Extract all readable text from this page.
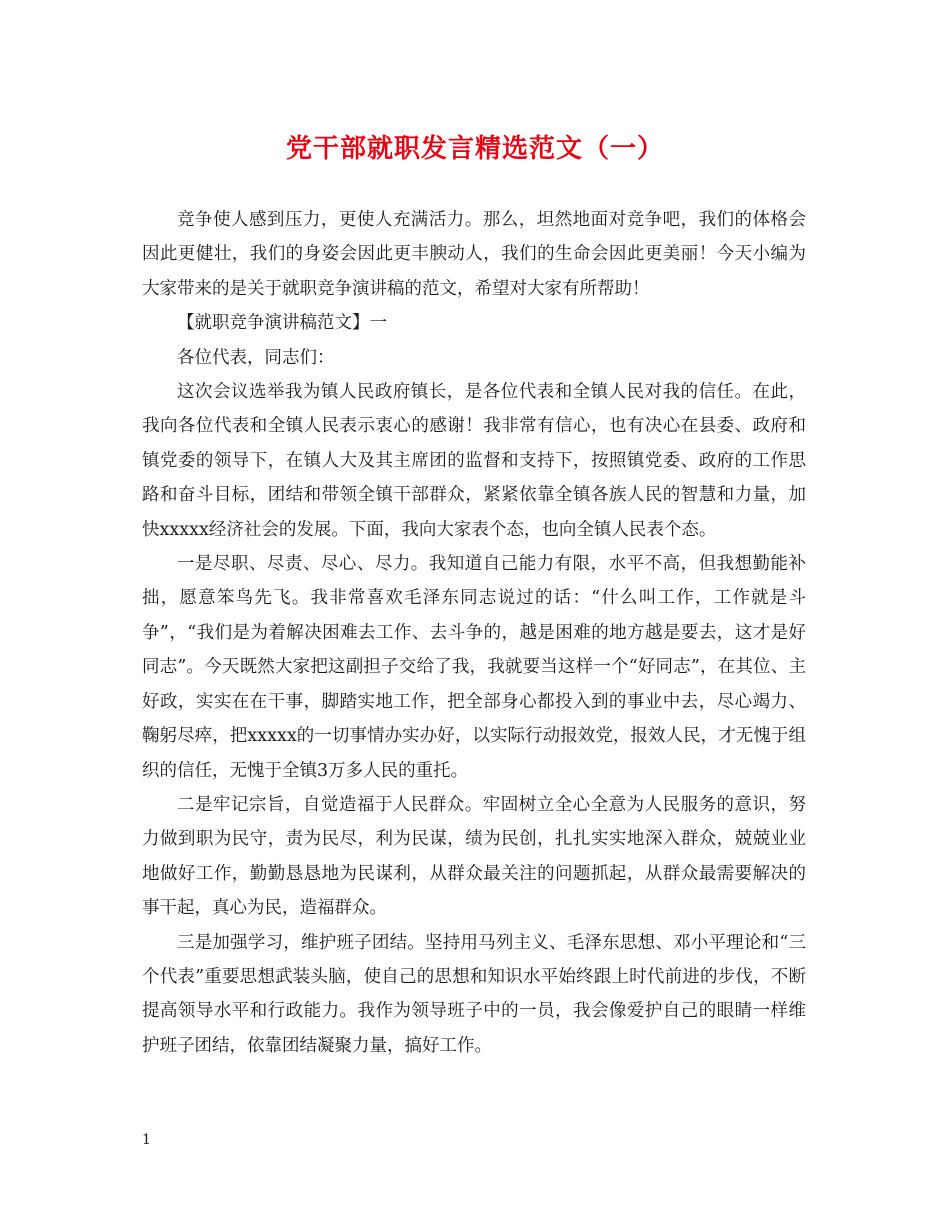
党干部就职发言精选范文（一）

竞争使人感到压力，更使人充满活力。那么，坦然地面对竞争吧，我们的体格会因此更健壮，我们的身姿会因此更丰腴动人，我们的生命会因此更美丽！今天小编为大家带来的是关于就职竞争演讲稿的范文，希望对大家有所帮助！

【就职竞争演讲稿范文】一

各位代表，同志们：

这次会议选举我为镇人民政府镇长，是各位代表和全镇人民对我的信任。在此，我向各位代表和全镇人民表示衷心的感谢！我非常有信心，也有决心在县委、政府和镇党委的领导下，在镇人大及其主席团的监督和支持下，按照镇党委、政府的工作思路和奋斗目标，团结和带领全镇干部群众，紧紧依靠全镇各族人民的智慧和力量，加快xxxxx经济社会的发展。下面，我向大家表个态，也向全镇人民表个态。

一是尽职、尽责、尽心、尽力。我知道自己能力有限，水平不高，但我想勤能补拙，愿意笨鸟先飞。我非常喜欢毛泽东同志说过的话：“什么叫工作，工作就是斗争”，“我们是为着解决困难去工作、去斗争的，越是困难的地方越是要去，这才是好同志”。今天既然大家把这副担子交给了我，我就要当这样一个“好同志”，在其位、主好政，实实在在干事，脚踏实地工作，把全部身心都投入到的事业中去，尽心竭力、鞠躬尽瘁，把xxxxx的一切事情办实办好，以实际行动报效党，报效人民，才无愧于组织的信任，无愧于全镇3万多人民的重托。

二是牢记宗旨，自觉造福于人民群众。牢固树立全心全意为人民服务的意识，努力做到职为民守，责为民尽，利为民谋，绩为民创，扎扎实实地深入群众，兢兢业业地做好工作，勤勤恳恳地为民谋利，从群众最关注的问题抓起，从群众最需要解决的事干起，真心为民，造福群众。

三是加强学习，维护班子团结。坚持用马列主义、毛泽东思想、邓小平理论和“三个代表”重要思想武装头脑，使自己的思想和知识水平始终跟上时代前进的步伐，不断提高领导水平和行政能力。我作为领导班子中的一员，我会像爱护自己的眼睛一样维护班子团结，依靠团结凝聚力量，搞好工作。

1
